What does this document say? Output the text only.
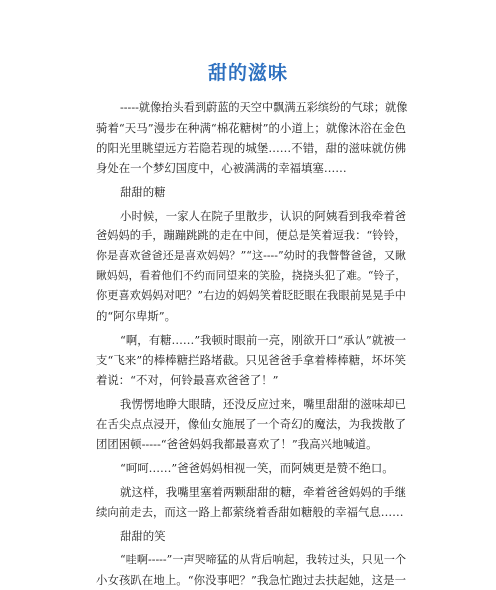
甜的滋味
-----就像抬头看到蔚蓝的天空中飘满五彩缤纷的气球；就像
骑着“天马”漫步在种满“棉花糖树”的小道上；就像沐浴在金色
的阳光里眺望远方若隐若现的城堡……不错，甜的滋味就仿佛
身处在一个梦幻国度中，心被满满的幸福填塞……
甜甜的糖
小时候，一家人在院子里散步，认识的阿姨看到我牵着爸
爸妈妈的手，蹦蹦跳跳的走在中间，便总是笑着逗我：“铃铃，
你是喜欢爸爸还是喜欢妈妈？”“这----”幼时的我瞥瞥爸爸，又瞅
瞅妈妈，看着他们不约而同望来的笑脸，挠挠头犯了难。“铃子，
你更喜欢妈妈对吧？”右边的妈妈笑着眨眨眼在我眼前晃晃手中
的“阿尔卑斯”。
“啊，有糖……”我顿时眼前一亮，刚欲开口“承认”就被一
支“飞来”的棒棒糖拦路堵截。只见爸爸手拿着棒棒糖，坏坏笑
着说：“不对，何铃最喜欢爸爸了！”
我愣愣地睁大眼睛，还没反应过来，嘴里甜甜的滋味却已
在舌尖点点浸开，像仙女施展了一个奇幻的魔法，为我拨散了
团团困顿-----“爸爸妈妈我都最喜欢了！”我高兴地喊道。
“呵呵……”爸爸妈妈相视一笑，而阿姨更是赞不绝口。
就这样，我嘴里塞着两颗甜甜的糖，牵着爸爸妈妈的手继
续向前走去，而这一路上都萦绕着香甜如糖般的幸福气息……
甜甜的笑
“哇啊-----”一声哭啼猛的从背后响起，我转过头，只见一个
小女孩趴在地上。“你没事吧？”我急忙跑过去扶起她，这是一
